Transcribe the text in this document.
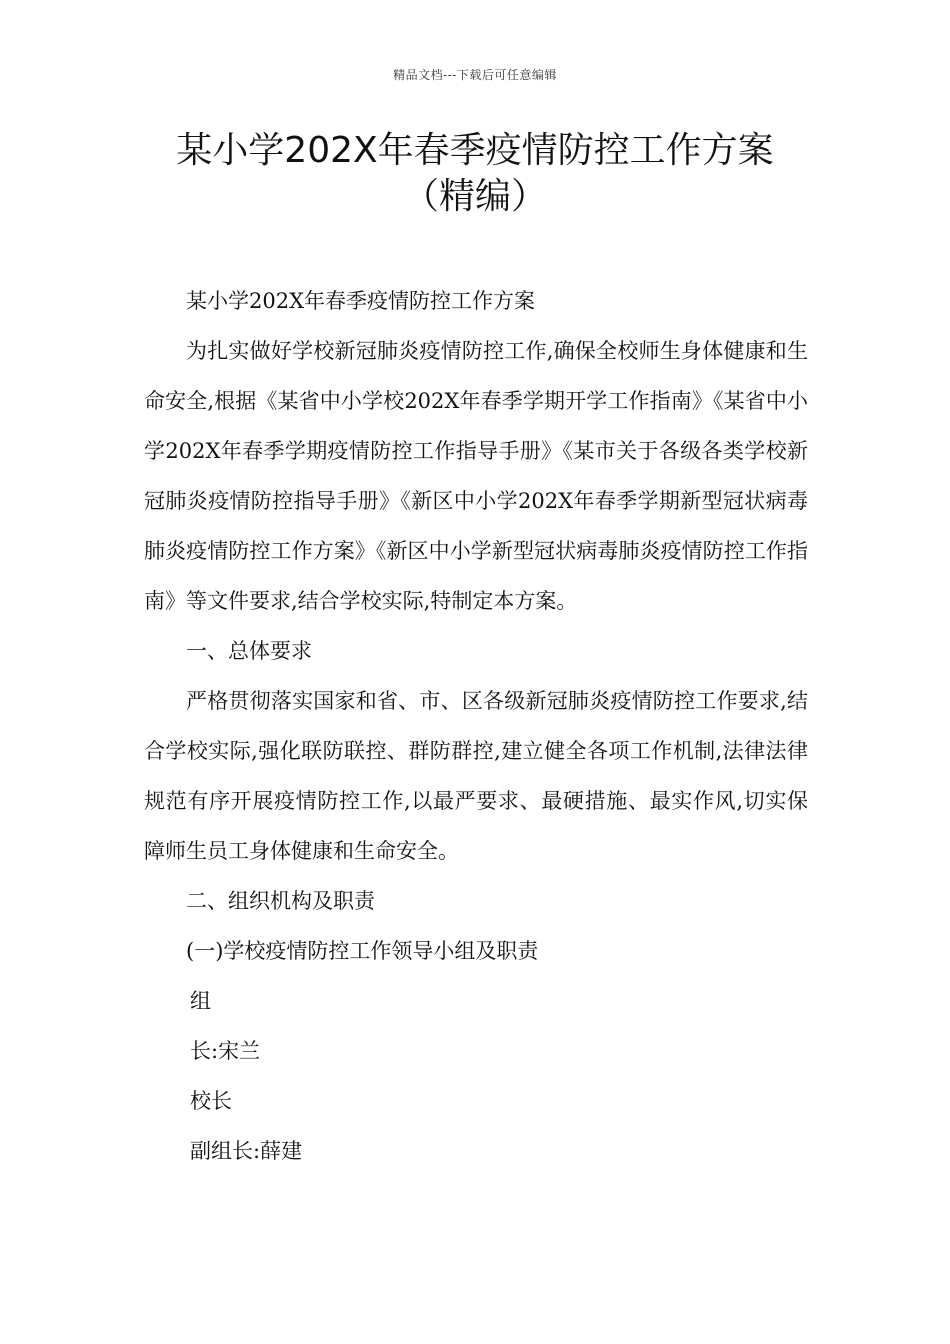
精品文档---下载后可任意编辑
某小学202X年春季疫情防控工作方案
（精编）

某小学202X年春季疫情防控工作方案

为扎实做好学校新冠肺炎疫情防控工作,确保全校师生身体健康和生命安全,根据《某省中小学校202X年春季学期开学工作指南》《某省中小学202X年春季学期疫情防控工作指导手册》《某市关于各级各类学校新冠肺炎疫情防控指导手册》《新区中小学202X年春季学期新型冠状病毒肺炎疫情防控工作方案》《新区中小学新型冠状病毒肺炎疫情防控工作指南》等文件要求,结合学校实际,特制定本方案。

一、总体要求

严格贯彻落实国家和省、市、区各级新冠肺炎疫情防控工作要求,结合学校实际,强化联防联控、群防群控,建立健全各项工作机制,法律法律规范有序开展疫情防控工作,以最严要求、最硬措施、最实作风,切实保障师生员工身体健康和生命安全。

二、组织机构及职责

(一)学校疫情防控工作领导小组及职责

组

长:宋兰

校长

副组长:薛建
